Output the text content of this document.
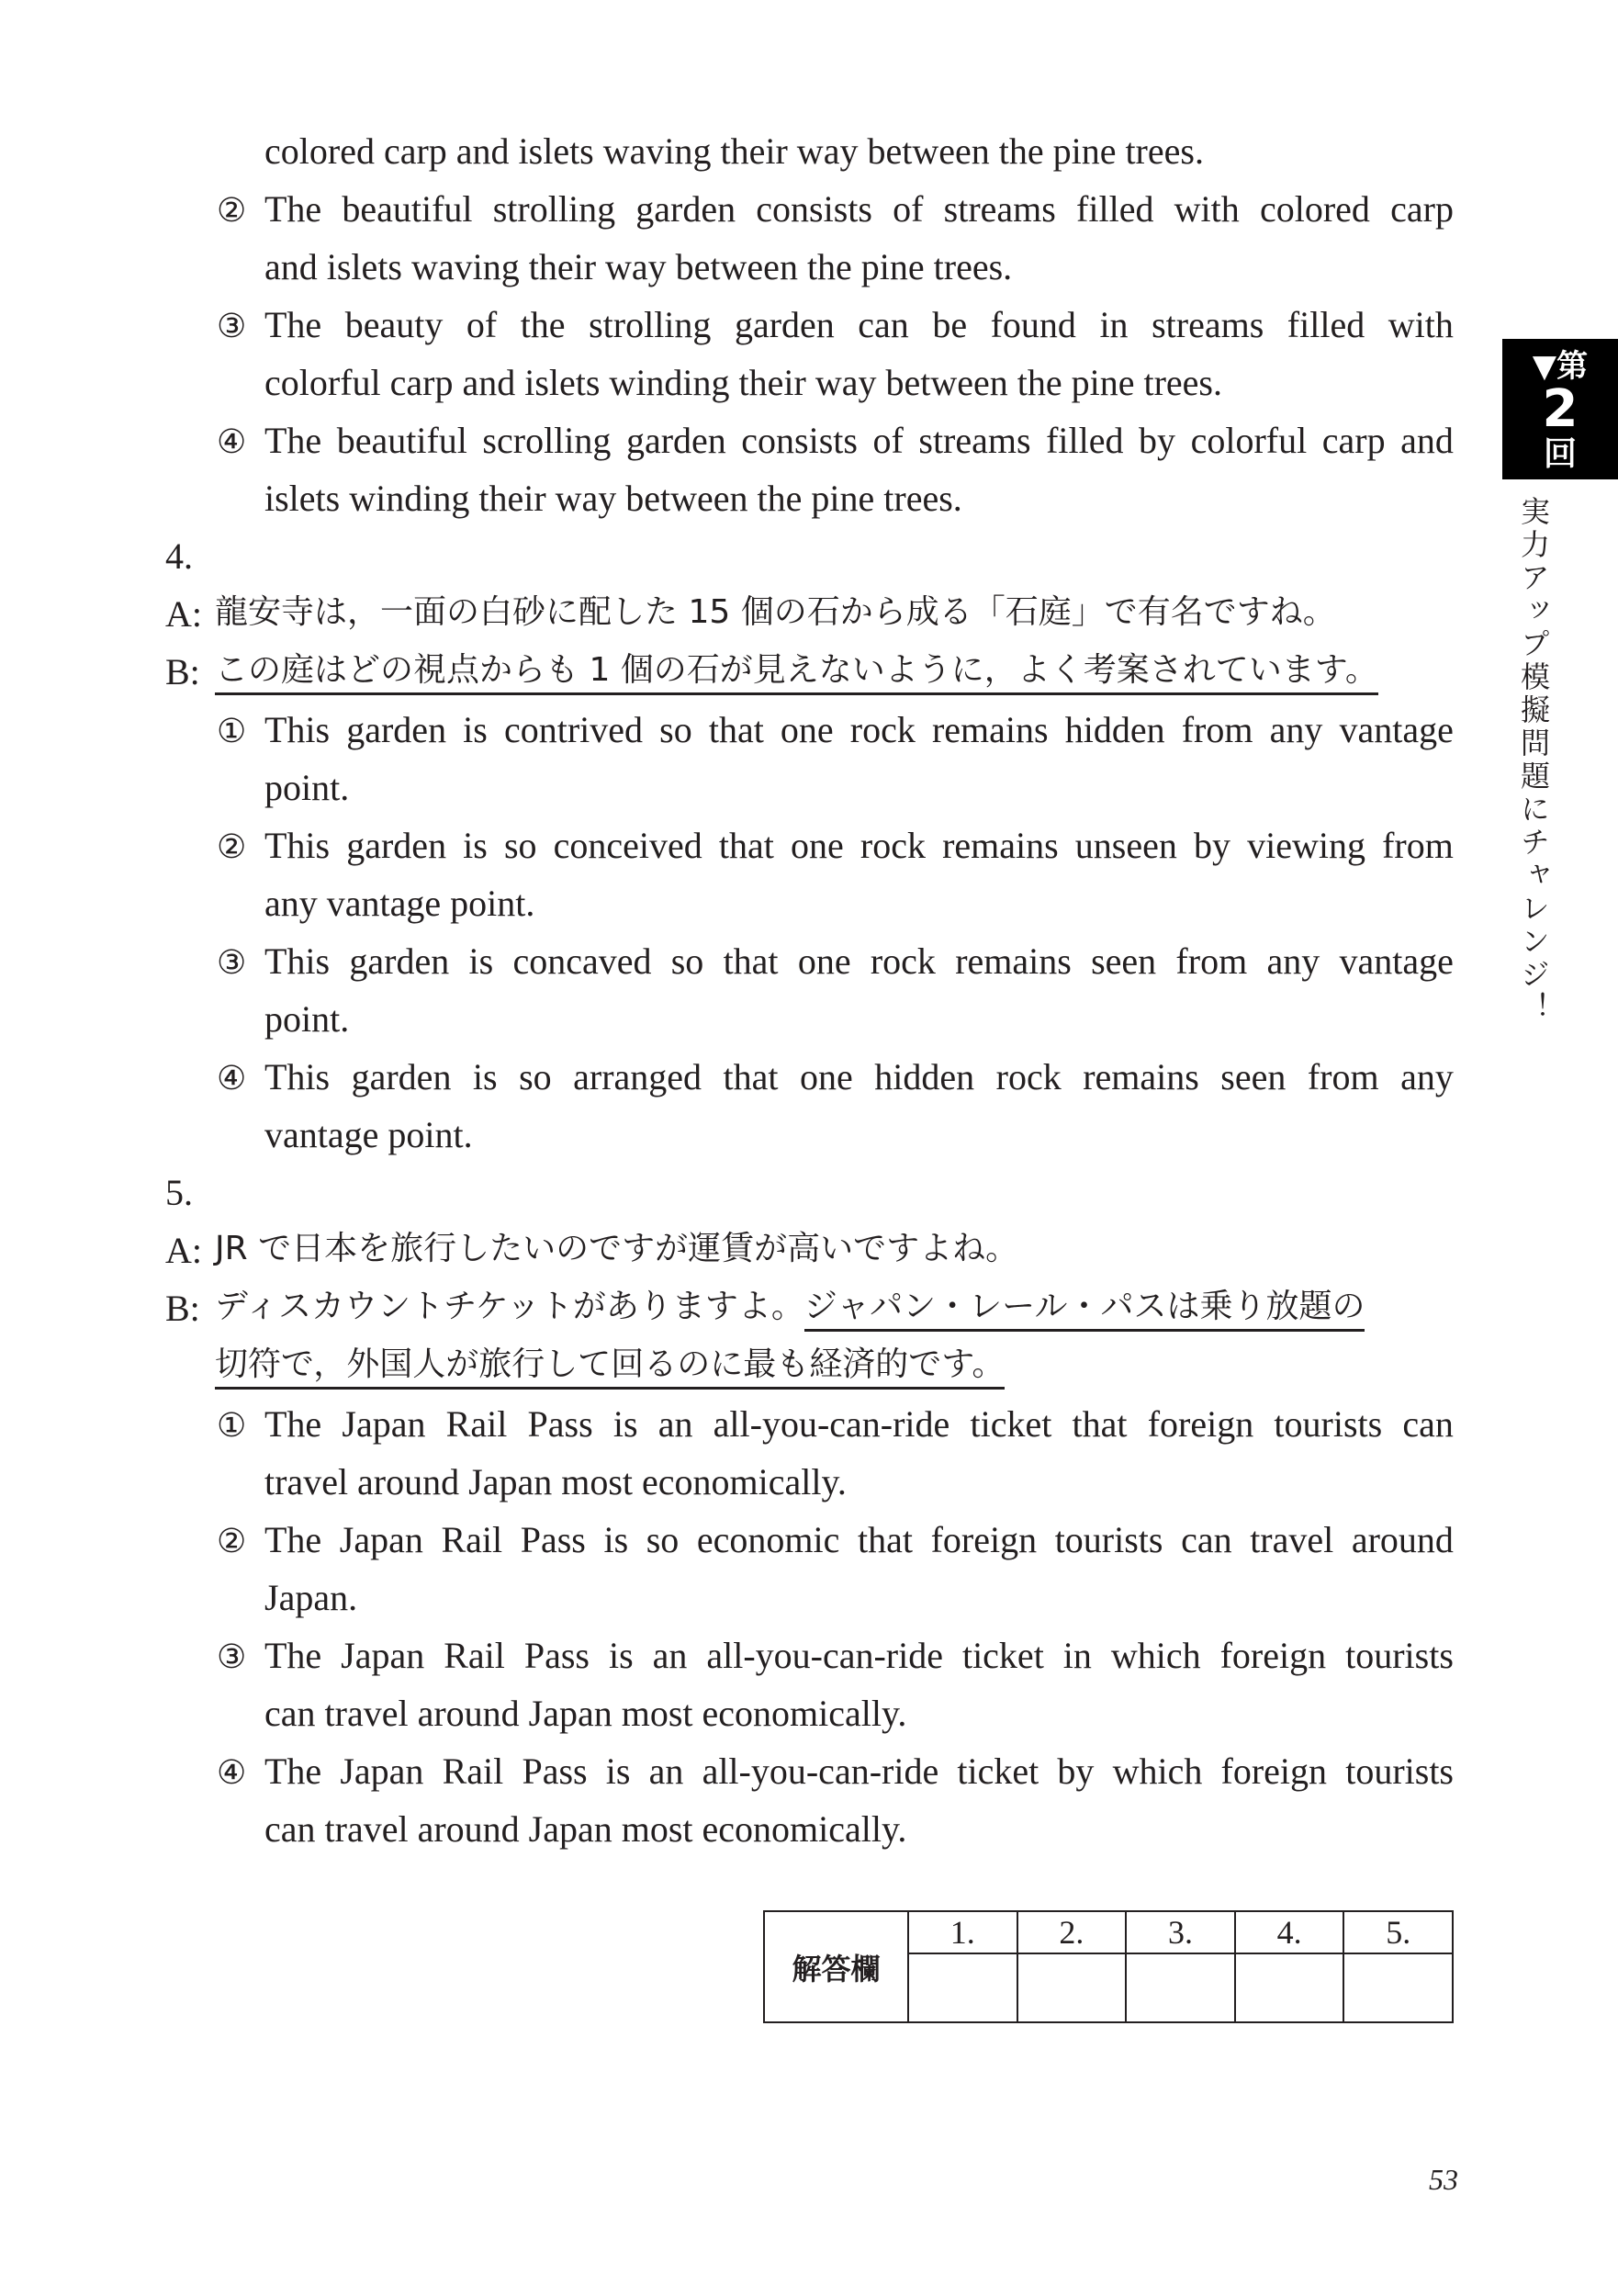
colored carp and islets waving their way between the pine trees.
② The beautiful strolling garden consists of streams filled with colored carp
and islets waving their way between the pine trees.
③ The beauty of the strolling garden can be found in streams filled with
colorful carp and islets winding their way between the pine trees.
④ The beautiful scrolling garden consists of streams filled by colorful carp and
islets winding their way between the pine trees.
4.
A: 龍安寺は，一面の白砂に配した 15 個の石から成る「石庭」で有名ですね。
B: この庭はどの視点からも 1 個の石が見えないように，よく考案されています。
① This garden is contrived so that one rock remains hidden from any vantage
point.
② This garden is so conceived that one rock remains unseen by viewing from
any vantage point.
③ This garden is concaved so that one rock remains seen from any vantage
point.
④ This garden is so arranged that one hidden rock remains seen from any
vantage point.
5.
A: JR で日本を旅行したいのですが運賃が高いですよね。
B: ディスカウントチケットがありますよ。ジャパン・レール・パスは乗り放題の
切符で，外国人が旅行して回るのに最も経済的です。
① The Japan Rail Pass is an all-you-can-ride ticket that foreign tourists can
travel around Japan most economically.
② The Japan Rail Pass is so economic that foreign tourists can travel around
Japan.
③ The Japan Rail Pass is an all-you-can-ride ticket in which foreign tourists
can travel around Japan most economically.
④ The Japan Rail Pass is an all-you-can-ride ticket by which foreign tourists
can travel around Japan most economically.
▼第
2
回
実力アップ模擬問題にチャレンジ！
解答欄	1.	2.	3.	4.	5.

53
